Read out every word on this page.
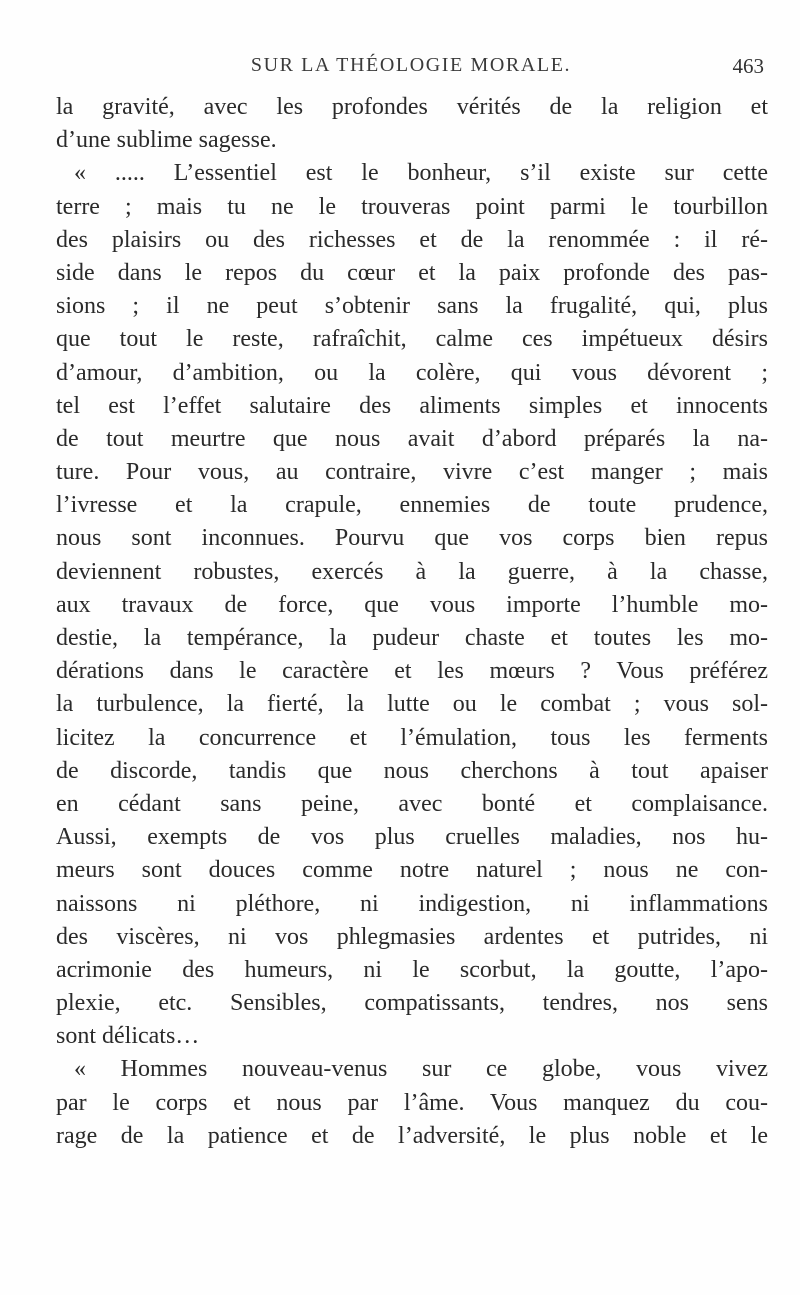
SUR LA THÉOLOGIE MORALE.	463
la gravité, avec les profondes vérités de la religion et
d’une sublime sagesse.
« ..... L’essentiel est le bonheur, s’il existe sur cette
terre ; mais tu ne le trouveras point parmi le tourbillon
des plaisirs ou des richesses et de la renommée : il ré-
side dans le repos du cœur et la paix profonde des pas-
sions ; il ne peut s’obtenir sans la frugalité, qui, plus
que tout le reste, rafraîchit, calme ces impétueux désirs
d’amour, d’ambition, ou la colère, qui vous dévorent ;
tel est l’effet salutaire des aliments simples et innocents
de tout meurtre que nous avait d’abord préparés la na-
ture. Pour vous, au contraire, vivre c’est manger ; mais
l’ivresse et la crapule, ennemies de toute prudence,
nous sont inconnues. Pourvu que vos corps bien repus
deviennent robustes, exercés à la guerre, à la chasse,
aux travaux de force, que vous importe l’humble mo-
destie, la tempérance, la pudeur chaste et toutes les mo-
dérations dans le caractère et les mœurs ? Vous préférez
la turbulence, la fierté, la lutte ou le combat ; vous sol-
licitez la concurrence et l’émulation, tous les ferments
de discorde, tandis que nous cherchons à tout apaiser
en cédant sans peine, avec bonté et complaisance.
Aussi, exempts de vos plus cruelles maladies, nos hu-
meurs sont douces comme notre naturel ; nous ne con-
naissons ni pléthore, ni indigestion, ni inflammations
des viscères, ni vos phlegmasies ardentes et putrides, ni
acrimonie des humeurs, ni le scorbut, la goutte, l’apo-
plexie, etc. Sensibles, compatissants, tendres, nos sens
sont délicats…
« Hommes nouveau-venus sur ce globe, vous vivez
par le corps et nous par l’âme. Vous manquez du cou-
rage de la patience et de l’adversité, le plus noble et le
